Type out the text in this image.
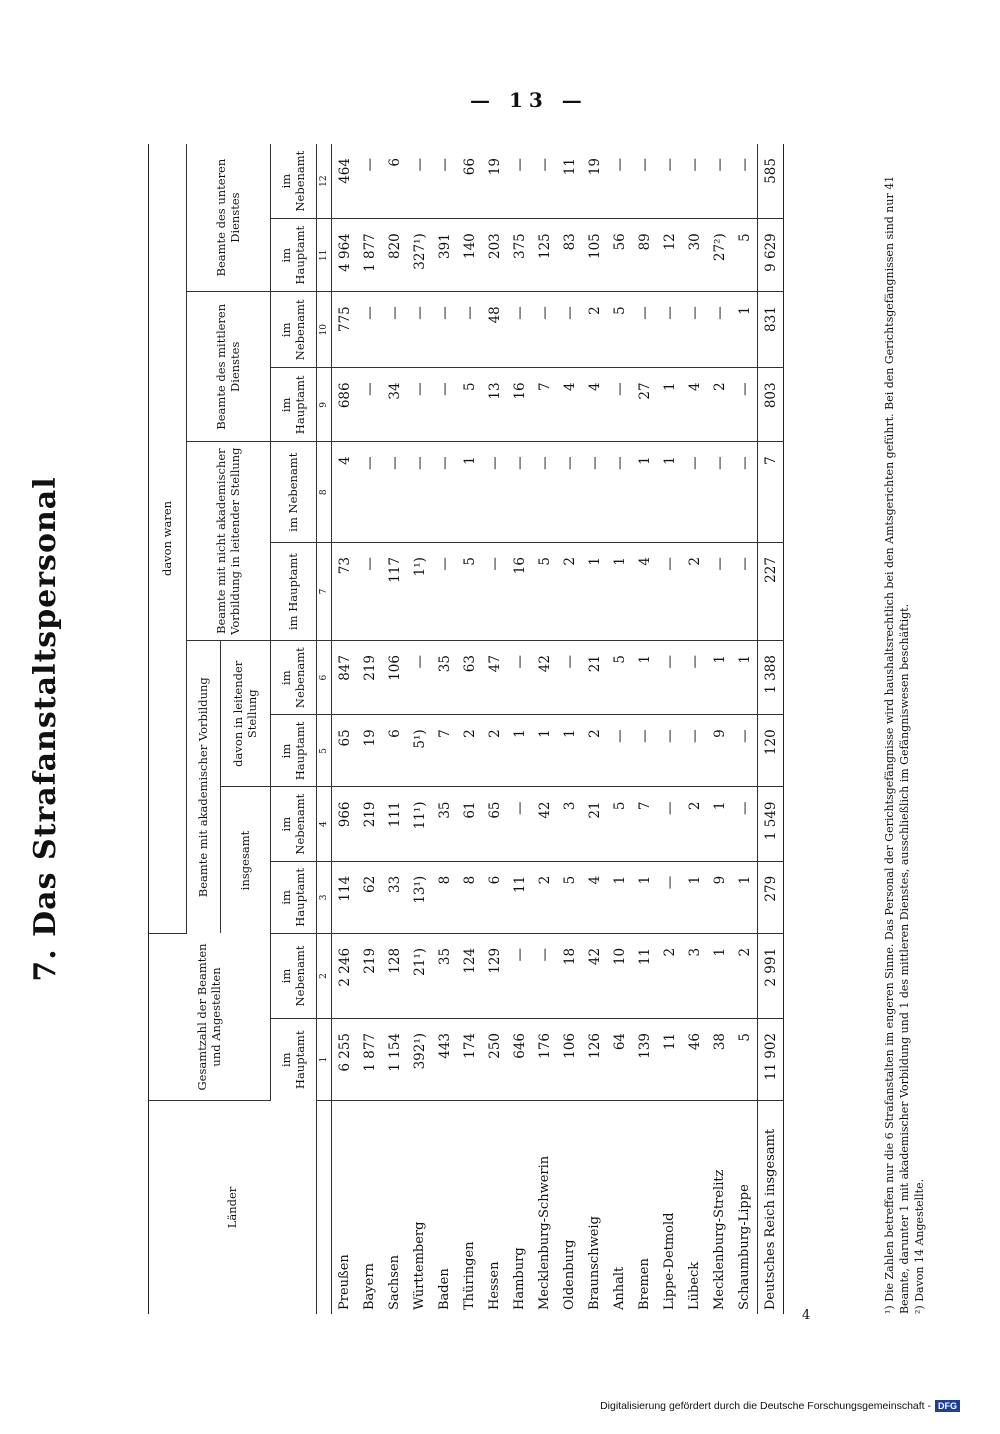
— 13 —
7. Das Strafanstaltspersonal
Länder	Gesamtzahl der Beamten und Angestellten		davon waren									
			Beamte mit akademischer Vorbildung				Beamte mit nicht akademischer Vorbildung in leitender Stellung		Beamte des mittleren Dienstes		Beamte des unteren Dienstes	
			insgesamt		davon in leitender Stellung							
	im Hauptamt	im Nebenamt	im Hauptamt	im Nebenamt	im Hauptamt	im Nebenamt	im Hauptamt	im Nebenamt	im Hauptamt	im Nebenamt	im Hauptamt	im Nebenamt
	1	2	3	4	5	6	7	8	9	10	11	12
Preußen	6 255	2 246	114	966	65	847	73	4	686	775	4 964	464
Bayern	1 877	219	62	219	19	219	—	—	—	—	1 877	—
Sachsen	1 154	128	33	111	6	106	117	—	34	—	820	6
Württemberg	392¹)	21¹)	13¹)	11¹)	5¹)	—	1¹)	—	—	—	327¹)	—
Baden	443	35	8	35	7	35	—	—	—	—	391	—
Thüringen	174	124	8	61	2	63	5	1	5	—	140	66
Hessen	250	129	6	65	2	47	—	—	13	48	203	19
Hamburg	646	—	11	—	1	—	16	—	16	—	375	—
Mecklenburg-Schwerin	176	—	2	42	1	42	5	—	7	—	125	—
Oldenburg	106	18	5	3	1	—	2	—	4	—	83	11
Braunschweig	126	42	4	21	2	21	1	—	4	2	105	19
Anhalt	64	10	1	5	—	5	1	—	—	5	56	—
Bremen	139	11	1	7	—	1	4	1	27	—	89	—
Lippe-Detmold	11	2	—	—	—	—	—	1	1	—	12	—
Lübeck	46	3	1	2	—	—	2	—	4	—	30	—
Mecklenburg-Strelitz	38	1	9	1	9	1	—	—	2	—	27²)	—
Schaumburg-Lippe	5	2	1	—	—	1	—	—	—	1	5	—
Deutsches Reich insgesamt	11 902	2 991	279	1 549	120	1 388	227	7	803	831	9 629	585

¹) Die Zahlen betreffen nur die 6 Strafanstalten im engeren Sinne. Das Personal der Gerichtsgefängnisse wird haushaltsrechtlich bei den Amtsgerichten geführt. Bei den Gerichtsgefängnissen sind nur 41 Beamte, darunter 1 mit akademischer Vorbildung und 1 des mittleren Dienstes, ausschließlich im Gefängniswesen beschäftigt. ²) Davon 14 Angestellte.

4
Digitalisierung gefördert durch die Deutsche Forschungsgemeinschaft - DFG
